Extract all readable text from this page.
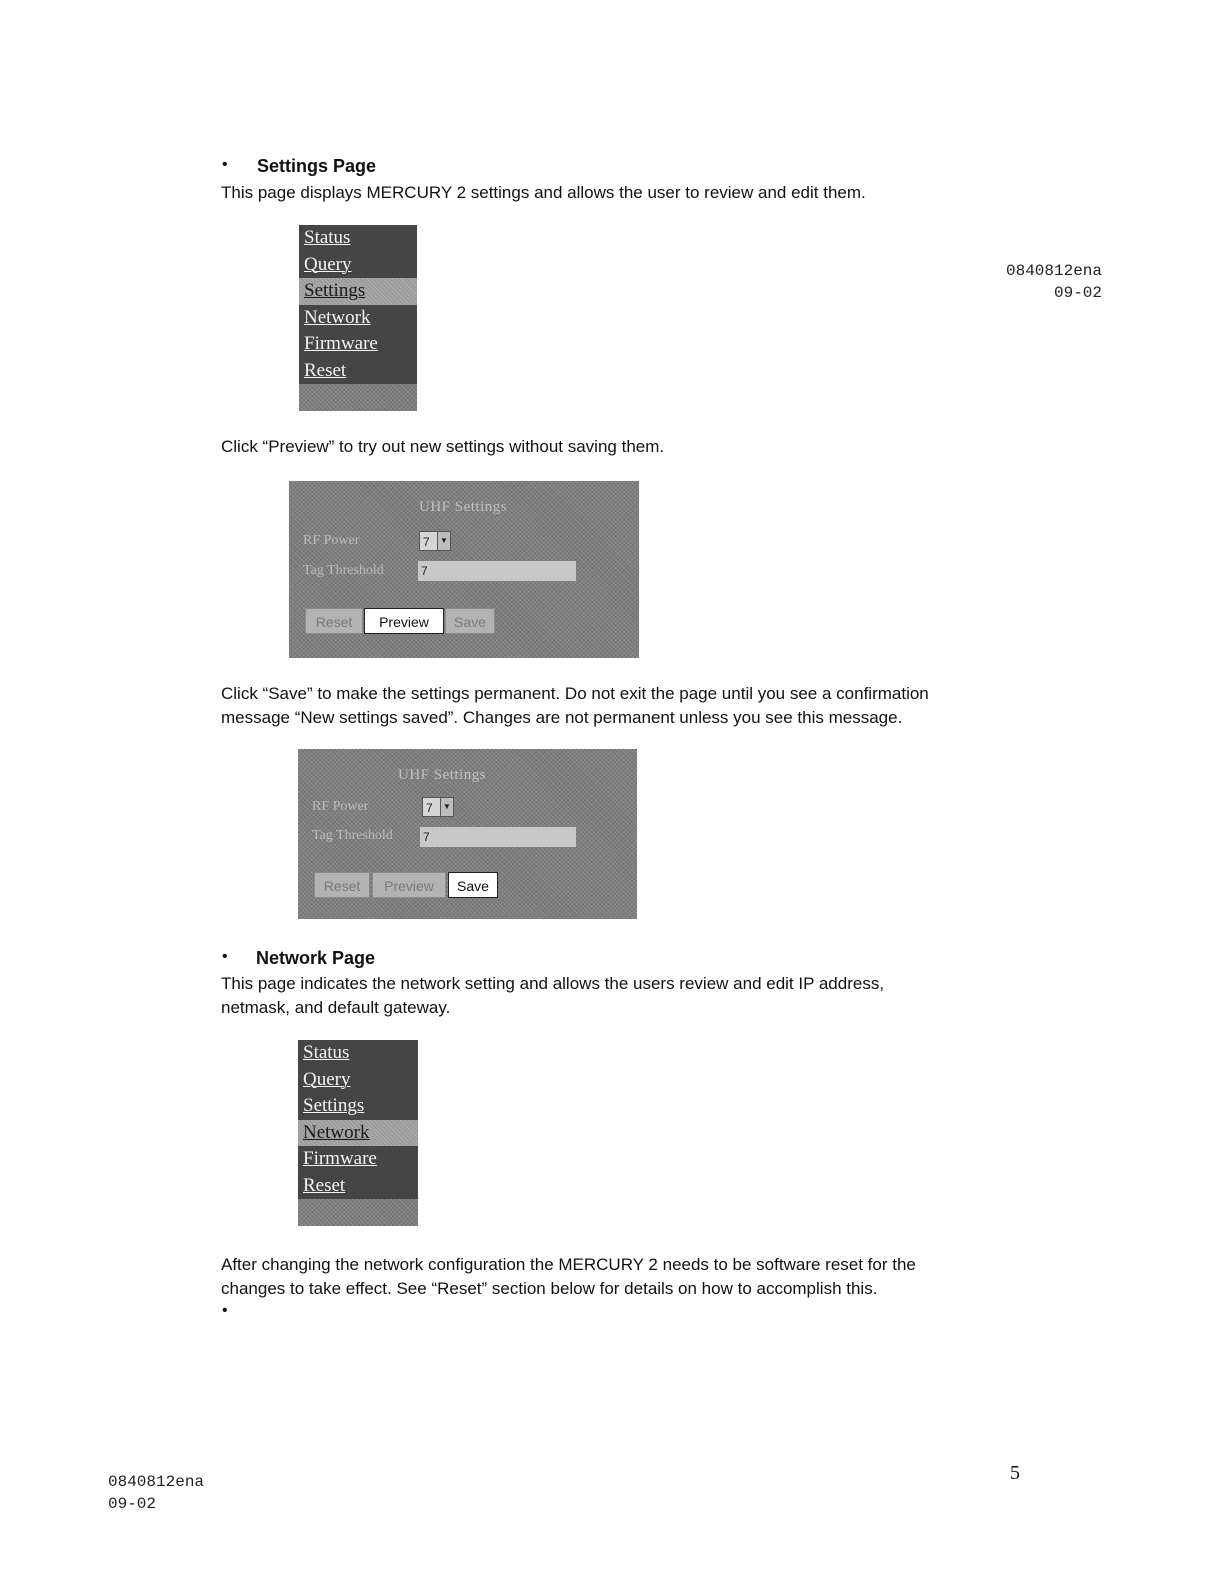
• Settings Page
This page displays MERCURY 2 settings and allows the user to review and edit them.
0840812ena
09-02
Status
Query
Settings
Network
Firmware
Reset
Click “Preview” to try out new settings without saving them.
UHF Settings
RF Power	7	▼
Tag Threshold	7
Reset	Preview	Save
Click “Save” to make the settings permanent. Do not exit the page until you see a confirmation
message “New settings saved”. Changes are not permanent unless you see this message.
UHF Settings
RF Power	7	▼
Tag Threshold	7
Reset	Preview	Save
• Network Page
This page indicates the network setting and allows the users review and edit IP address,
netmask, and default gateway.
Status
Query
Settings
Network
Firmware
Reset
After changing the network configuration the MERCURY 2 needs to be software reset for the
changes to take effect. See “Reset” section below for details on how to accomplish this.
•
0840812ena
09-02
5
